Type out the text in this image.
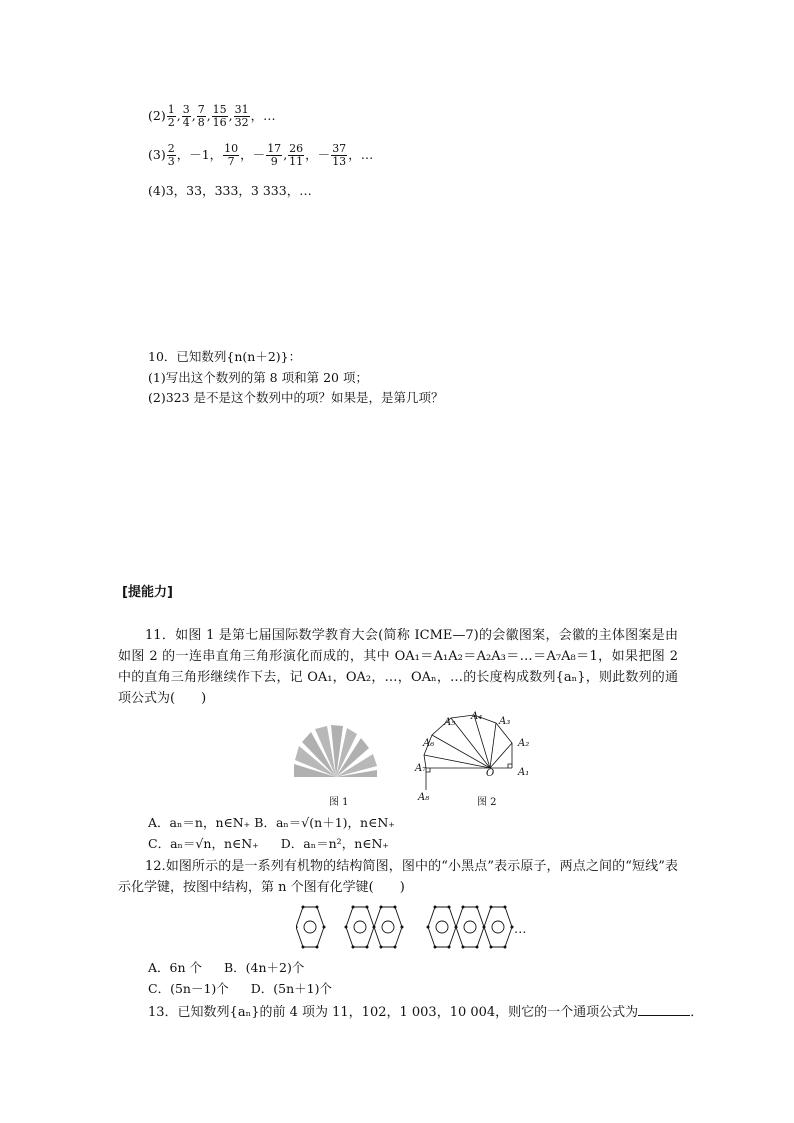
$(2) \frac{1}{2}$ , $\frac{3}{4}$ , $\frac{7}{8}$ , $\frac{15}{16}$ , $\frac{31}{32}$ ，…
$(3) \frac{2}{3}$ ，－1， $\frac{10}{7}$ ，－ $\frac{17}{9}$ , $\frac{26}{11}$ ，－ $\frac{37}{13}$ ，…
(4)3，33，333，3 333，…
10．已知数列{n(n＋2)}：
(1)写出这个数列的第 8 项和第 20 项；
(2)323 是不是这个数列中的项？如果是，是第几项？
[提能力]
11．如图 1 是第七届国际数学教育大会(简称 ICME—7)的会徽图案，会徽的主体图案是由如图 2 的一连串直角三角形演化而成的，其中 OA₁＝A₁A₂＝A₂A₃＝…＝A₇A₈＝1，如果把图 2 中的直角三角形继续作下去，记 OA₁，OA₂，…，OAₙ，…的长度构成数列{aₙ}，则此数列的通项公式为(　　)
图 1
A₁
A₂
A₃
A₄
A₅
A₆
A₇
A₈
O
图 2
A．aₙ＝n，n∈N₊ B．aₙ＝√(n＋1)，n∈N₊
C．aₙ＝√n，n∈N₊ D．aₙ＝n²，n∈N₊
12.如图所示的是一系列有机物的结构简图，图中的“小黑点”表示原子，两点之间的“短线”表示化学键，按图中结构，第 n 个图有化学键(　　)
…
A．6n 个 B．(4n＋2)个
C．(5n－1)个 D．(5n＋1)个
13．已知数列{aₙ}的前 4 项为 11，102，1 003，10 004，则它的一个通项公式为	．
